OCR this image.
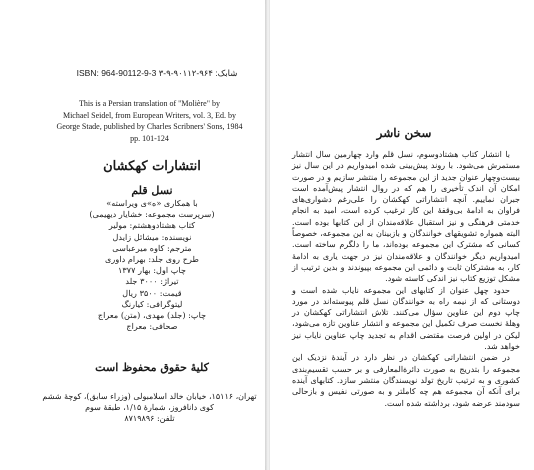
ISBN: 964-90112-9-3 شابک: ۹۶۴-۹۰۱۱۲-۹-۳
This is a Persian translation of "Molière" by
Michael Seidel, from European Writers, vol. 3, Ed. by
George Stade, published by Charles Scribners' Sons, 1984
pp. 101-124
انتشارات کهکشان
نسل قلم
با همکاری «ه»ی ویراسته»
(سرپرست مجموعه: خشایار دیهیمی)
کتاب هشتادوهشتم: مولیر
نویسنده: میشائل زایدل
مترجم: کاوه میرعباسی
طرح روی جلد: بهرام داوری
چاپ اول: بهار ۱۳۷۷
تیراژ: ۳۰۰۰ جلد
قیمت: ۳۵۰۰ ریال
لیتوگرافی: کیارنگ
چاپ: (جلد) مهدی، (متن) معراج
صحافی: معراج
کلیهٔ حقوق محفوظ است
تهران، ۱۵۱۱۶، خیابان خالد اسلامبولی (وزراء سابق)، کوچهٔ ششم
کوی دانافروز، شمارهٔ ۱/۱۵، طبقهٔ سوم
تلفن: ۸۷۱۹۸۹۶
سخن ناشر

با انتشار کتاب هشتادوسوم، نسل قلم وارد چهارمین سال انتشار مستمرش می‌شود. با روند پیش‌بینی شده امیدواریم در این سال نیز بیست‌وچهار عنوان جدید از این مجموعه را منتشر سازیم و در صورت امکان آن اندک تأخیری را هم که در روال انتشار پیش‌آمده است جبران نماییم. آنچه انتشاراتی کهکشان را علی‌رغم دشواری‌های فراوان به ادامهٔ بی‌وقفهٔ این کار ترغیب کرده است، امید به انجام خدمتی فرهنگی و نیز استقبال علاقه‌مندان از این کتابها بوده است. البته همواره تشویقهای خوانندگان و بازبینان به این مجموعه، خصوصاً کسانی که مشترک این مجموعه بوده‌اند، ما را دلگرم ساخته است. امیدواریم دیگر خوانندگان و علاقه‌مندان نیز در جهت یاری به ادامهٔ کار، به مشترکان ثابت و دائمی این مجموعه بپیوندند و بدین ترتیب از مشکل توزیع کتاب نیز اندکی کاسته شود.

حدود چهل عنوان از کتابهای این مجموعه نایاب شده است و دوستانی که از نیمه راه به خوانندگان نسل قلم پیوسته‌اند در مورد چاپ دوم این عناوین سؤال می‌کنند. تلاش انتشاراتی کهکشان در وهلهٔ نخست صرف تکمیل این مجموعه و انتشار عناوین تازه می‌شود، لیکن در اولین فرصت مقتضی اقدام به تجدید چاپ عناوین نایاب نیز خواهد شد.

در ضمن انتشاراتی کهکشان در نظر دارد در آیندهٔ نزدیک این مجموعه را بتدریج به صورت دائرةالمعارفی و بر حسب تقسیم‌بندی کشوری و به ترتیب تاریخ تولد نویسندگان منتشر سازد. کتابهای آینده برای آنکه آن مجموعه هم چه کاملتر و به صورتی نفیس و بازحالی سودمند عرضه شود، برداشته شده است.
